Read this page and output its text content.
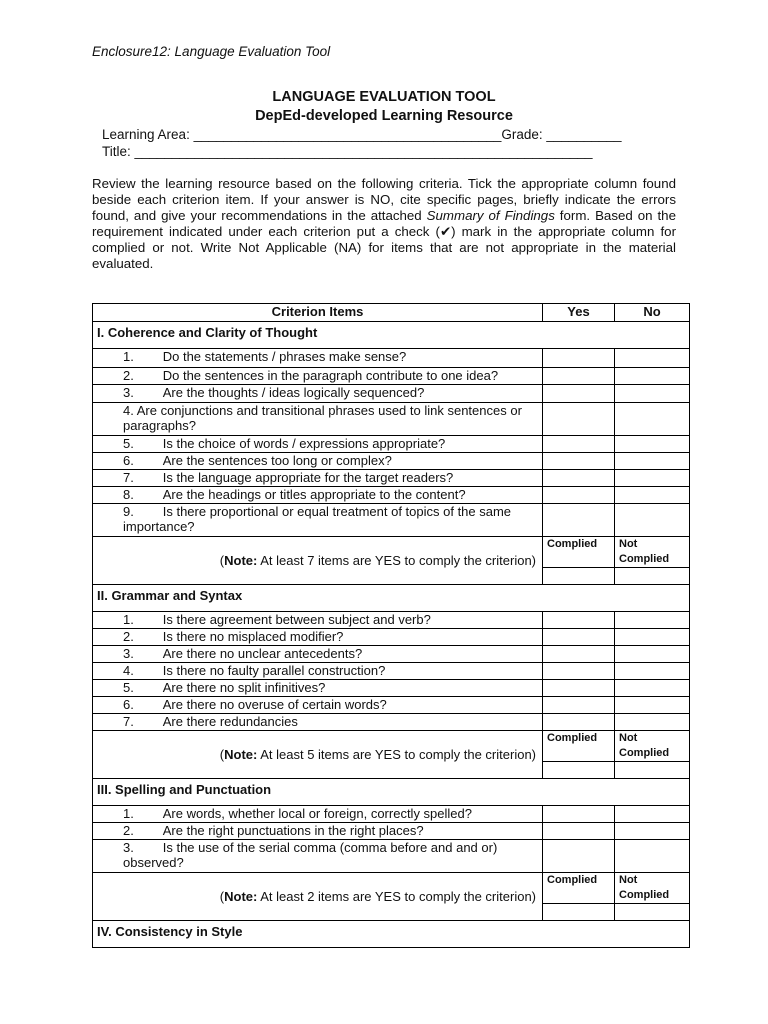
Enclosure12: Language Evaluation Tool
LANGUAGE EVALUATION TOOL
DepEd-developed Learning Resource
Learning Area: _________________________________________Grade: __________
Title: _____________________________________________________________
Review the learning resource based on the following criteria. Tick the appropriate column found beside each criterion item. If your answer is NO, cite specific pages, briefly indicate the errors found, and give your recommendations in the attached Summary of Findings form. Based on the requirement indicated under each criterion put a check (✔) mark in the appropriate column for complied or not. Write Not Applicable (NA) for items that are not appropriate in the material evaluated.
Criterion Items	Yes	No
I. Coherence and Clarity of Thought		
1.        Do the statements / phrases make sense?		
2.        Do the sentences in the paragraph contribute to one idea?		
3.        Are the thoughts / ideas logically sequenced?		
4. Are conjunctions and transitional phrases used to link sentences or paragraphs?		
5.        Is the choice of words / expressions appropriate?		
6.        Are the sentences too long or complex?		
7.        Is the language appropriate for the target readers?		
8.        Are the headings or titles appropriate to the content?		
9.        Is there proportional or equal treatment of topics of the same importance?		
(Note: At least 7 items are YES to comply the criterion)	Complied	Not Complied

II. Grammar and Syntax		
1.        Is there agreement between subject and verb?		
2.        Is there no misplaced modifier?		
3.        Are there no unclear antecedents?		
4.        Is there no faulty parallel construction?		
5.        Are there no split infinitives?		
6.        Are there no overuse of certain words?		
7.        Are there redundancies		
(Note: At least 5 items are YES to comply the criterion)	Complied	Not Complied

III. Spelling and Punctuation		
1.        Are words, whether local or foreign, correctly spelled?		
2.        Are the right punctuations in the right places?		
3.        Is the use of the serial comma (comma before and and or) observed?		
(Note: At least 2 items are YES to comply the criterion)	Complied	Not Complied

IV. Consistency in Style		
